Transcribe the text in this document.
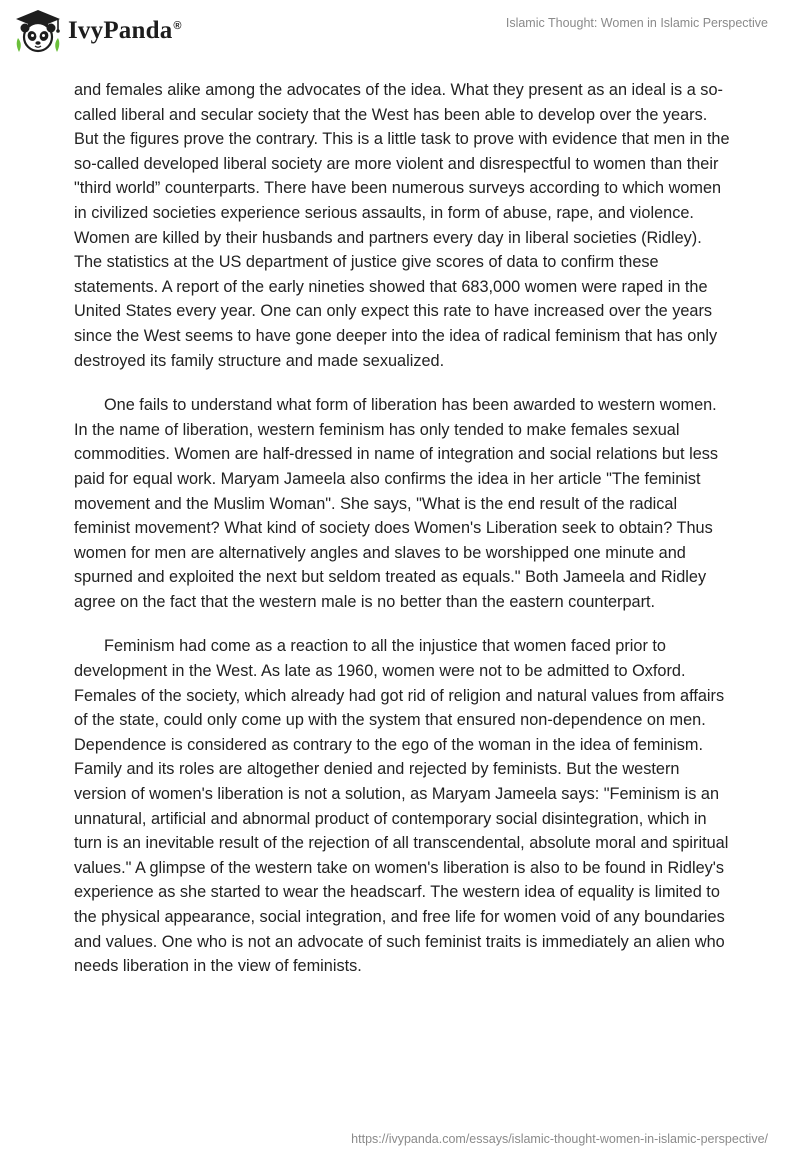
IvyPanda®	Islamic Thought: Women in Islamic Perspective

and females alike among the advocates of the idea. What they present as an ideal is a so-called liberal and secular society that the West has been able to develop over the years. But the figures prove the contrary. This is a little task to prove with evidence that men in the so-called developed liberal society are more violent and disrespectful to women than their "third world” counterparts. There have been numerous surveys according to which women in civilized societies experience serious assaults, in form of abuse, rape, and violence. Women are killed by their husbands and partners every day in liberal societies (Ridley). The statistics at the US department of justice give scores of data to confirm these statements. A report of the early nineties showed that 683,000 women were raped in the United States every year. One can only expect this rate to have increased over the years since the West seems to have gone deeper into the idea of radical feminism that has only destroyed its family structure and made sexualized.

One fails to understand what form of liberation has been awarded to western women. In the name of liberation, western feminism has only tended to make females sexual commodities. Women are half-dressed in name of integration and social relations but less paid for equal work. Maryam Jameela also confirms the idea in her article "The feminist movement and the Muslim Woman". She says, "What is the end result of the radical feminist movement? What kind of society does Women's Liberation seek to obtain? Thus women for men are alternatively angles and slaves to be worshipped one minute and spurned and exploited the next but seldom treated as equals." Both Jameela and Ridley agree on the fact that the western male is no better than the eastern counterpart.

Feminism had come as a reaction to all the injustice that women faced prior to development in the West. As late as 1960, women were not to be admitted to Oxford. Females of the society, which already had got rid of religion and natural values from affairs of the state, could only come up with the system that ensured non-dependence on men. Dependence is considered as contrary to the ego of the woman in the idea of feminism. Family and its roles are altogether denied and rejected by feminists. But the western version of women's liberation is not a solution, as Maryam Jameela says: "Feminism is an unnatural, artificial and abnormal product of contemporary social disintegration, which in turn is an inevitable result of the rejection of all transcendental, absolute moral and spiritual values." A glimpse of the western take on women's liberation is also to be found in Ridley's experience as she started to wear the headscarf. The western idea of equality is limited to the physical appearance, social integration, and free life for women void of any boundaries and values. One who is not an advocate of such feminist traits is immediately an alien who needs liberation in the view of feminists.

https://ivypanda.com/essays/islamic-thought-women-in-islamic-perspective/
